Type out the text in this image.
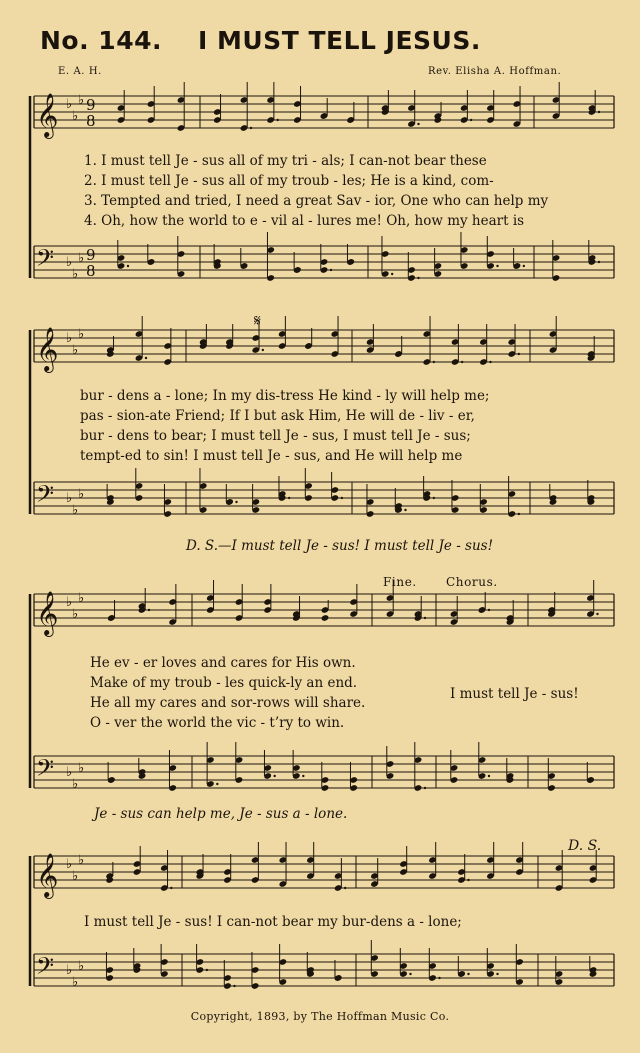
No. 144. I MUST TELL JESUS.
E. A. H.	Rev. Elisha A. Hoffman.
𝄞 ♭
♭
♭
𝄢 ♭
♭
♭
9
8
9
8
𝄞 ♭
♭
♭
𝄢 ♭
♭
♭
𝄞 ♭
♭
♭
𝄢 ♭
♭
♭
𝄞 ♭
♭
♭
𝄢 ♭
♭
♭
1. I must tell Je - sus all of my tri - als; I can-not bear these
2. I must tell Je - sus all of my troub - les; He is a kind, com-
3. Tempted and tried, I need a great Sav - ior, One who can help my
4. Oh, how the world to e - vil al - lures me! Oh, how my heart is
𝄋
bur - dens a - lone; In my dis-tress He kind - ly will help me;
pas - sion-ate Friend; If I but ask Him, He will de - liv - er,
bur - dens to bear; I must tell Je - sus, I must tell Je - sus;
tempt-ed to sin! I must tell Je - sus, and He will help me
D. S.—I must tell Je - sus! I must tell Je - sus!
Fine. Chorus.
He ev - er loves and cares for His own.
Make of my troub - les quick-ly an end.
He all my cares and sor-rows will share.
O - ver the world the vic - t’ry to win.
I must tell Je - sus!
Je - sus can help me, Je - sus a - lone.
D. S.
I must tell Je - sus! I can-not bear my bur-dens a - lone;
Copyright, 1893, by The Hoffman Music Co.
